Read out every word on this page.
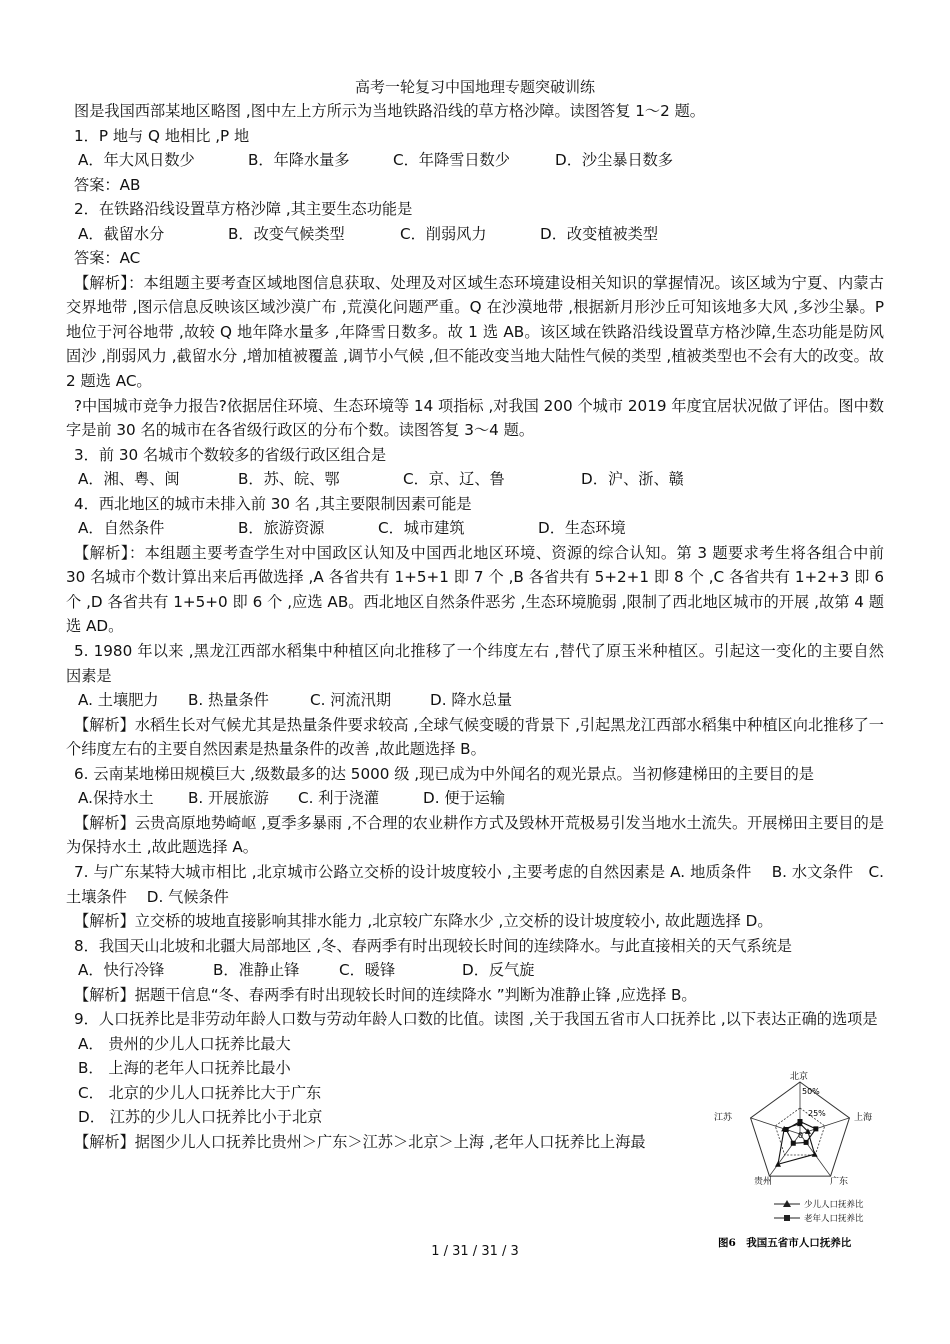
高考一轮复习中国地理专题突破训练

图是我国西部某地区略图 ,图中左上方所示为当地铁路沿线的草方格沙障。读图答复 1～2 题。

1．P 地与 Q 地相比 ,P 地

A．年大风日数少	B．年降水量多	C．年降雪日数少	D．沙尘暴日数多

答案：AB

2．在铁路沿线设置草方格沙障 ,其主要生态功能是

A．截留水分	B．改变气候类型	C．削弱风力	D．改变植被类型

答案：AC

【解析】：本组题主要考查区域地图信息获取、处理及对区域生态环境建设相关知识的掌握情况。该区域为宁夏、内蒙古交界地带 ,图示信息反映该区域沙漠广布 ,荒漠化问题严重。Q 在沙漠地带 ,根据新月形沙丘可知该地多大风 ,多沙尘暴。P 地位于河谷地带 ,故较 Q 地年降水量多 ,年降雪日数多。故 1 选 AB。该区域在铁路沿线设置草方格沙障,生态功能是防风固沙 ,削弱风力 ,截留水分 ,增加植被覆盖 ,调节小气候 ,但不能改变当地大陆性气候的类型 ,植被类型也不会有大的改变。故 2 题选 AC。

?中国城市竞争力报告?依据居住环境、生态环境等 14 项指标 ,对我国 200 个城市 2019 年度宜居状况做了评估。图中数字是前 30 名的城市在各省级行政区的分布个数。读图答复 3～4 题。

3．前 30 名城市个数较多的省级行政区组合是

A．湘、粤、闽	B．苏、皖、鄂	C．京、辽、鲁	D．沪、浙、赣

4．西北地区的城市未排入前 30 名 ,其主要限制因素可能是

A．自然条件	B．旅游资源	C．城市建筑	D．生态环境

【解析】：本组题主要考查学生对中国政区认知及中国西北地区环境、资源的综合认知。第 3 题要求考生将各组合中前 30 名城市个数计算出来后再做选择 ,A 各省共有 1+5+1 即 7 个 ,B 各省共有 5+2+1 即 8 个 ,C 各省共有 1+2+3 即 6 个 ,D 各省共有 1+5+0 即 6 个 ,应选 AB。西北地区自然条件恶劣 ,生态环境脆弱 ,限制了西北地区城市的开展 ,故第 4 题选 AD。

5. 1980 年以来 ,黑龙江西部水稻集中种植区向北推移了一个纬度左右 ,替代了原玉米种植区。引起这一变化的主要自然因素是

A. 土壤肥力	B. 热量条件	C. 河流汛期	D. 降水总量

【解析】水稻生长对气候尤其是热量条件要求较高 ,全球气候变暖的背景下 ,引起黑龙江西部水稻集中种植区向北推移了一个纬度左右的主要自然因素是热量条件的改善 ,故此题选择 B。

6. 云南某地梯田规模巨大 ,级数最多的达 5000 级 ,现已成为中外闻名的观光景点。当初修建梯田的主要目的是

A.保持水土	B. 开展旅游	C. 利于浇灌	D. 便于运输

【解析】云贵高原地势崎岖 ,夏季多暴雨 ,不合理的农业耕作方式及毁林开荒极易引发当地水土流失。开展梯田主要目的是为保持水土 ,故此题选择 A。

7. 与广东某特大城市相比 ,北京城市公路立交桥的设计坡度较小 ,主要考虑的自然因素是 A. 地质条件　 B. 水文条件　C. 土壤条件　 D. 气候条件

【解析】立交桥的坡地直接影响其排水能力 ,北京较广东降水少 ,立交桥的设计坡度较小, 故此题选择 D。

8．我国天山北坡和北疆大局部地区 ,冬、春两季有时出现较长时间的连续降水。与此直接相关的天气系统是

A．快行冷锋	B．准静止锋	C．暖锋	D．反气旋

【解析】据题干信息“冬、春两季有时出现较长时间的连续降水 ”判断为准静止锋 ,应选择 B。

9．人口抚养比是非劳动年龄人口数与劳动年龄人口数的比值。读图 ,关于我国五省市人口抚养比 ,以下表达正确的选项是

A． 贵州的少儿人口抚养比最大

B． 上海的老年人口抚养比最小

C． 北京的少儿人口抚养比大于广东

D． 江苏的少儿人口抚养比小于北京

【解析】据图少儿人口抚养比贵州＞广东＞江苏＞北京＞上海 ,老年人口抚养比上海最

50%
25%
0
北京
上海
广东
贵州
江苏
少儿人口抚养比
老年人口抚养比
图6　我国五省市人口抚养比
1 / 31 / 31 / 3
